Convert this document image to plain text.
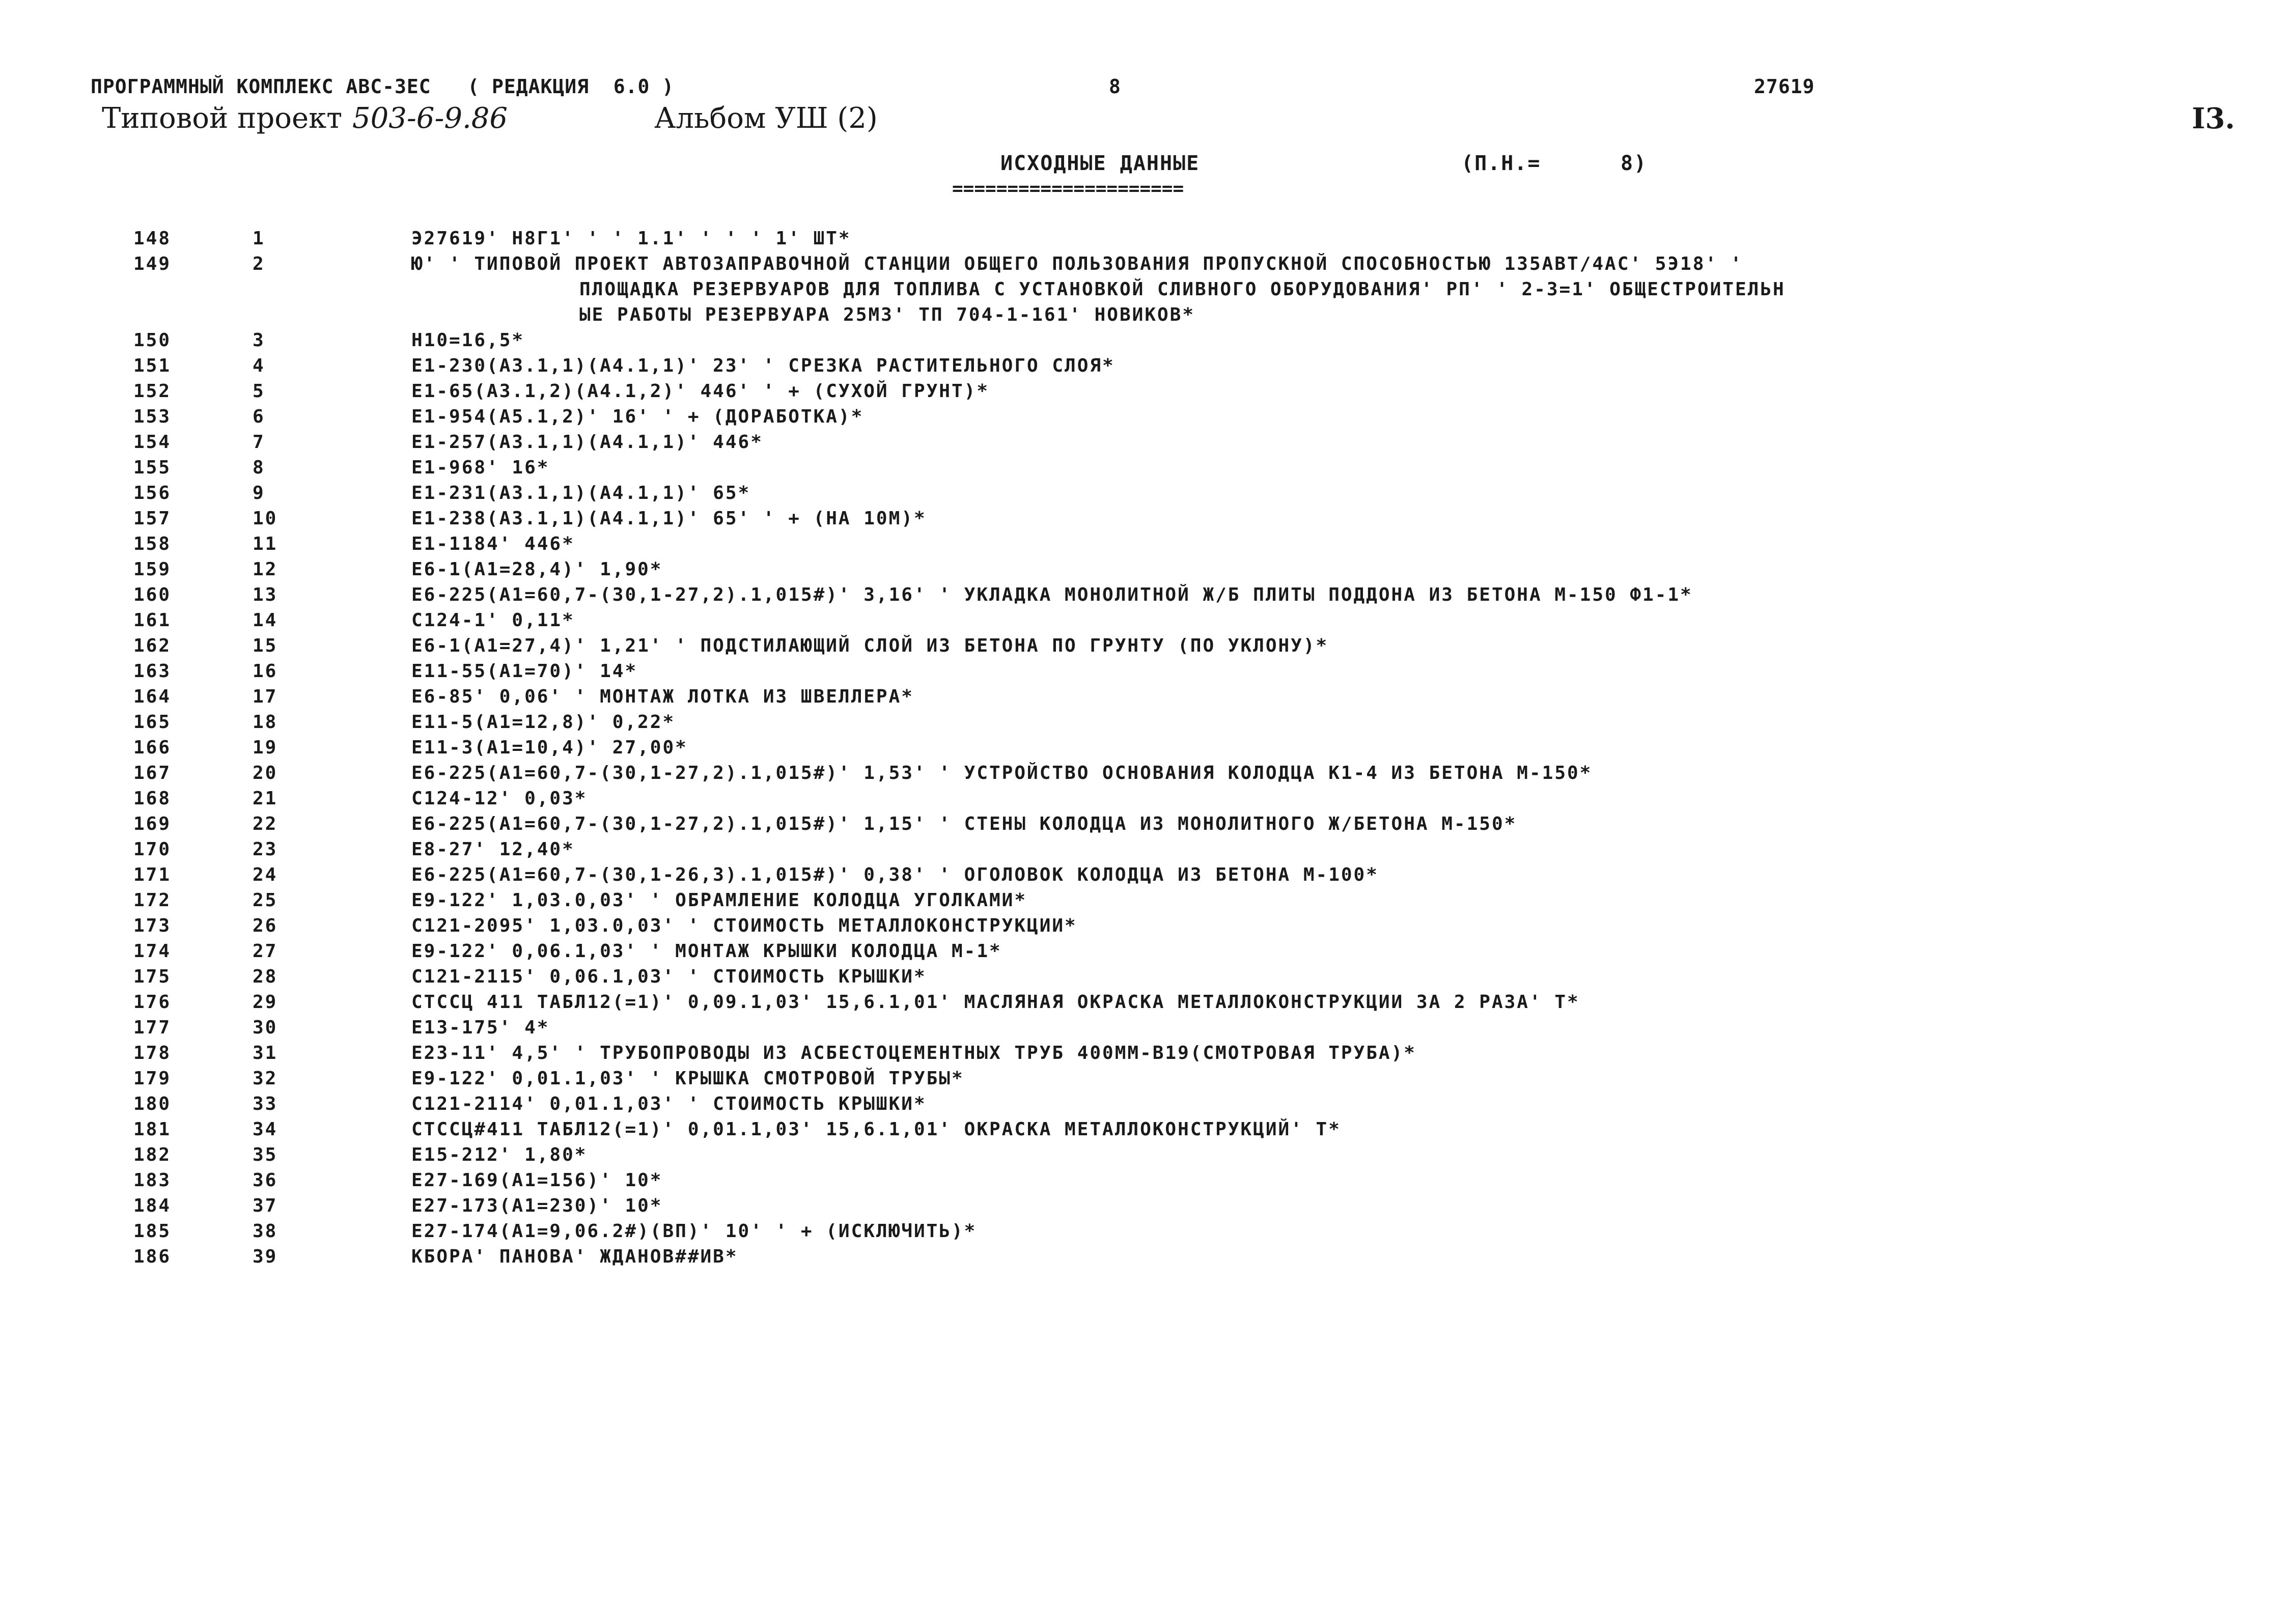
ПРОГРАММНЫЙ КОМПЛЕКС АВС-3ЕС   ( РЕДАКЦИЯ  6.0 )	8	27619
Типовой проект 503-6-9.86	Альбом УШ (2)	I3.
ИСХОДНЫЕ ДАННЫЕ	(П.Н.=      8)
=====================
148	1	Э27619' Н8Г1' ' ' 1.1' ' ' ' 1' ШТ*
149	2	Ю' ' ТИПОВОЙ ПРОЕКТ АВТОЗАПРАВОЧНОЙ СТАНЦИИ ОБЩЕГО ПОЛЬЗОВАНИЯ ПРОПУСКНОЙ СПОСОБНОСТЬЮ 135АВТ/4АС' 5Э18' '
ПЛОЩАДКА РЕЗЕРВУАРОВ ДЛЯ ТОПЛИВА С УСТАНОВКОЙ СЛИВНОГО ОБОРУДОВАНИЯ' РП' ' 2-3=1' ОБЩЕСТРОИТЕЛЬН
ЫЕ РАБОТЫ РЕЗЕРВУАРА 25М3' ТП 704-1-161' НОВИКОВ*
150	3	Н10=16,5*
151	4	Е1-230(А3.1,1)(А4.1,1)' 23' ' СРЕЗКА РАСТИТЕЛЬНОГО СЛОЯ*
152	5	Е1-65(А3.1,2)(А4.1,2)' 446' ' + (СУХОЙ ГРУНТ)*
153	6	Е1-954(А5.1,2)' 16' ' + (ДОРАБОТКА)*
154	7	Е1-257(А3.1,1)(А4.1,1)' 446*
155	8	Е1-968' 16*
156	9	Е1-231(А3.1,1)(А4.1,1)' 65*
157	10	Е1-238(А3.1,1)(А4.1,1)' 65' ' + (НА 10М)*
158	11	Е1-1184' 446*
159	12	Е6-1(А1=28,4)' 1,90*
160	13	Е6-225(А1=60,7-(30,1-27,2).1,015#)' 3,16' ' УКЛАДКА МОНОЛИТНОЙ Ж/Б ПЛИТЫ ПОДДОНА ИЗ БЕТОНА М-150 Ф1-1*
161	14	С124-1' 0,11*
162	15	Е6-1(А1=27,4)' 1,21' ' ПОДСТИЛАЮЩИЙ СЛОЙ ИЗ БЕТОНА ПО ГРУНТУ (ПО УКЛОНУ)*
163	16	Е11-55(А1=70)' 14*
164	17	Е6-85' 0,06' ' МОНТАЖ ЛОТКА ИЗ ШВЕЛЛЕРА*
165	18	Е11-5(А1=12,8)' 0,22*
166	19	Е11-3(А1=10,4)' 27,00*
167	20	Е6-225(А1=60,7-(30,1-27,2).1,015#)' 1,53' ' УСТРОЙСТВО ОСНОВАНИЯ КОЛОДЦА К1-4 ИЗ БЕТОНА М-150*
168	21	С124-12' 0,03*
169	22	Е6-225(А1=60,7-(30,1-27,2).1,015#)' 1,15' ' СТЕНЫ КОЛОДЦА ИЗ МОНОЛИТНОГО Ж/БЕТОНА М-150*
170	23	Е8-27' 12,40*
171	24	Е6-225(А1=60,7-(30,1-26,3).1,015#)' 0,38' ' ОГОЛОВОК КОЛОДЦА ИЗ БЕТОНА М-100*
172	25	Е9-122' 1,03.0,03' ' ОБРАМЛЕНИЕ КОЛОДЦА УГОЛКАМИ*
173	26	С121-2095' 1,03.0,03' ' СТОИМОСТЬ МЕТАЛЛОКОНСТРУКЦИИ*
174	27	Е9-122' 0,06.1,03' ' МОНТАЖ КРЫШКИ КОЛОДЦА М-1*
175	28	С121-2115' 0,06.1,03' ' СТОИМОСТЬ КРЫШКИ*
176	29	СТССЦ 411 ТАБЛ12(=1)' 0,09.1,03' 15,6.1,01' МАСЛЯНАЯ ОКРАСКА МЕТАЛЛОКОНСТРУКЦИИ ЗА 2 РАЗА' Т*
177	30	Е13-175' 4*
178	31	Е23-11' 4,5' ' ТРУБОПРОВОДЫ ИЗ АСБЕСТОЦЕМЕНТНЫХ ТРУБ 400ММ-В19(СМОТРОВАЯ ТРУБА)*
179	32	Е9-122' 0,01.1,03' ' КРЫШКА СМОТРОВОЙ ТРУБЫ*
180	33	С121-2114' 0,01.1,03' ' СТОИМОСТЬ КРЫШКИ*
181	34	СТССЦ#411 ТАБЛ12(=1)' 0,01.1,03' 15,6.1,01' ОКРАСКА МЕТАЛЛОКОНСТРУКЦИЙ' Т*
182	35	Е15-212' 1,80*
183	36	Е27-169(А1=156)' 10*
184	37	Е27-173(А1=230)' 10*
185	38	Е27-174(А1=9,06.2#)(ВП)' 10' ' + (ИСКЛЮЧИТЬ)*
186	39	КБОРА' ПАНОВА' ЖДАНОВ##ИВ*
